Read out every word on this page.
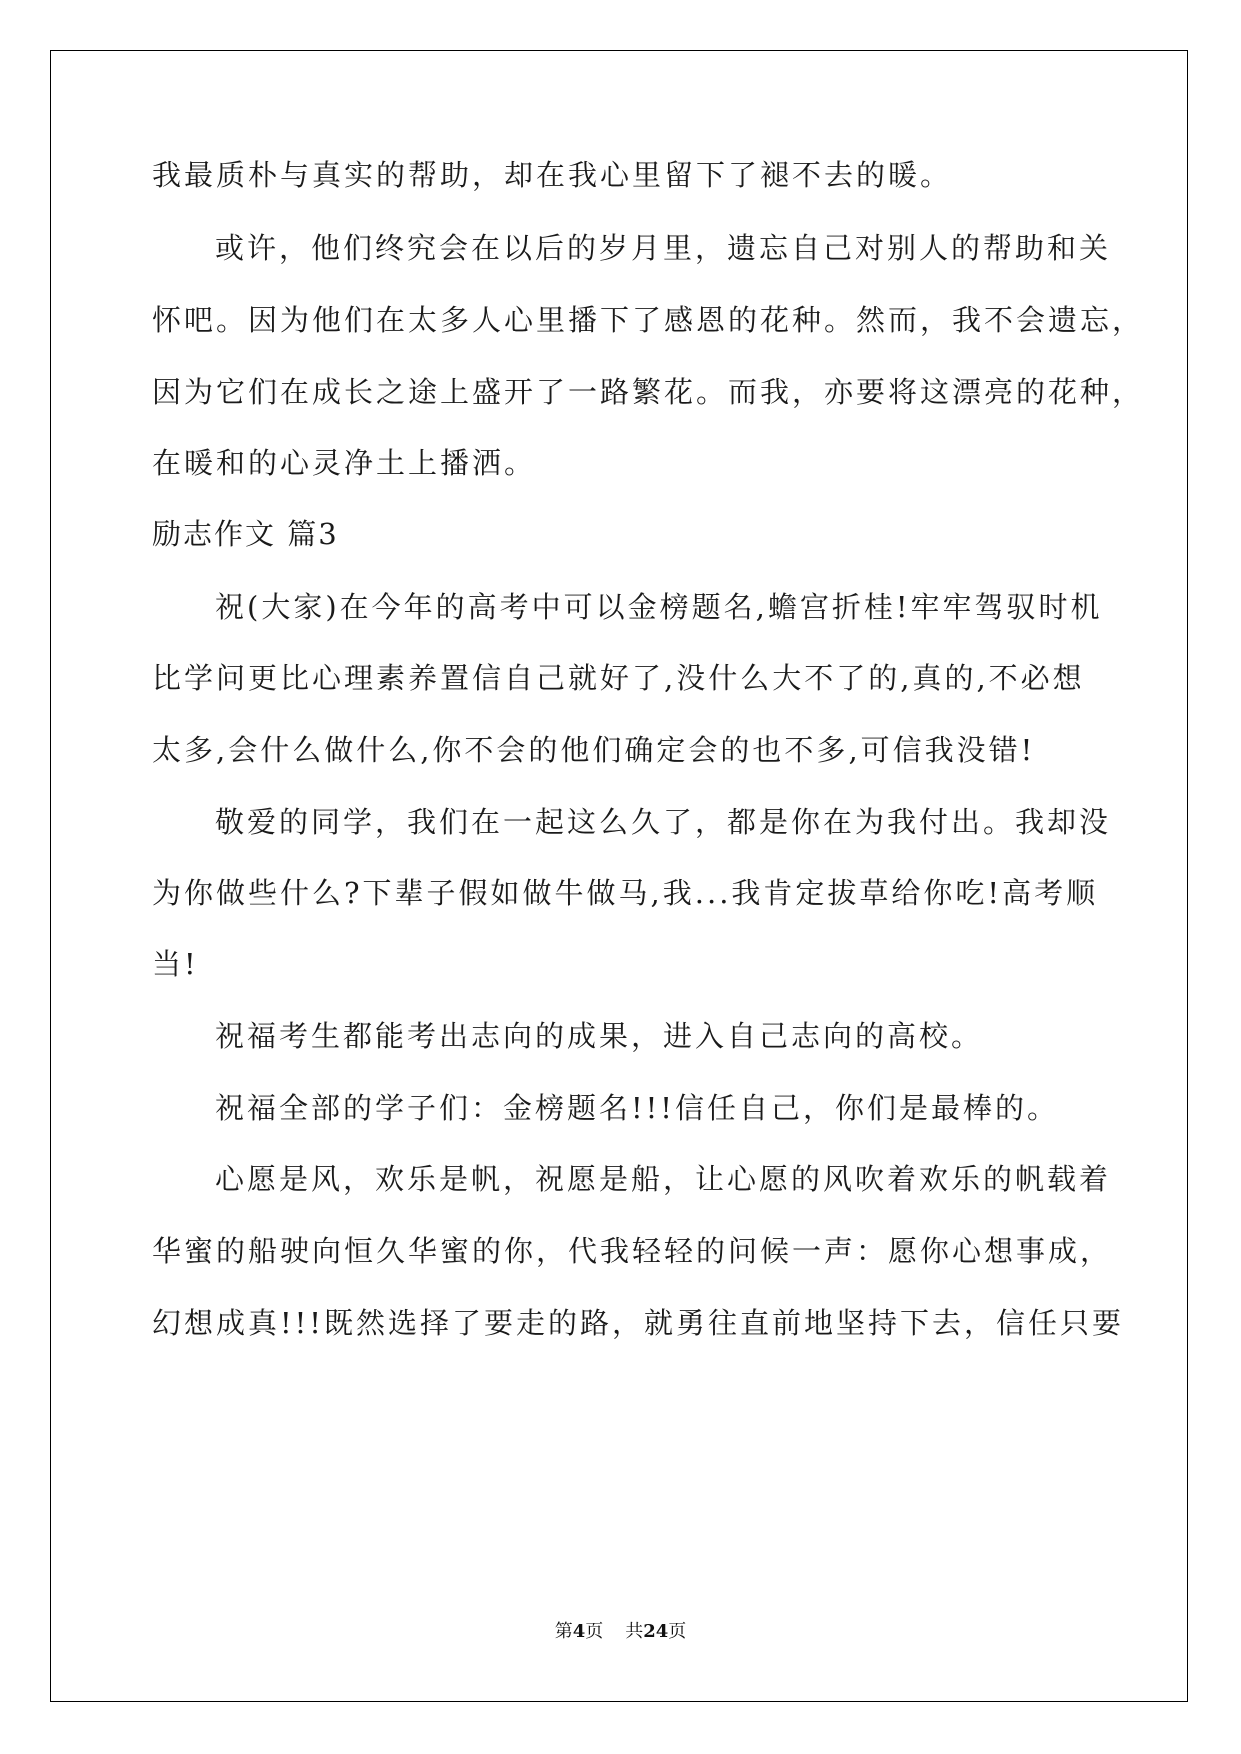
我最质朴与真实的帮助，却在我心里留下了褪不去的暖。
或许，他们终究会在以后的岁月里，遗忘自己对别人的帮助和关
怀吧。因为他们在太多人心里播下了感恩的花种。然而，我不会遗忘，
因为它们在成长之途上盛开了一路繁花。而我，亦要将这漂亮的花种，
在暖和的心灵净土上播洒。
励志作文 篇3
祝(大家)在今年的高考中可以金榜题名,蟾宫折桂!牢牢驾驭时机
比学问更比心理素养置信自己就好了,没什么大不了的,真的,不必想
太多,会什么做什么,你不会的他们确定会的也不多,可信我没错!
敬爱的同学，我们在一起这么久了，都是你在为我付出。我却没
为你做些什么?下辈子假如做牛做马,我...我肯定拔草给你吃!高考顺
当!
祝福考生都能考出志向的成果，进入自己志向的高校。
祝福全部的学子们：金榜题名!!!信任自己，你们是最棒的。
心愿是风，欢乐是帆，祝愿是船，让心愿的风吹着欢乐的帆载着
华蜜的船驶向恒久华蜜的你，代我轻轻的问候一声：愿你心想事成，
幻想成真!!!既然选择了要走的路，就勇往直前地坚持下去，信任只要
第4页 共24页
